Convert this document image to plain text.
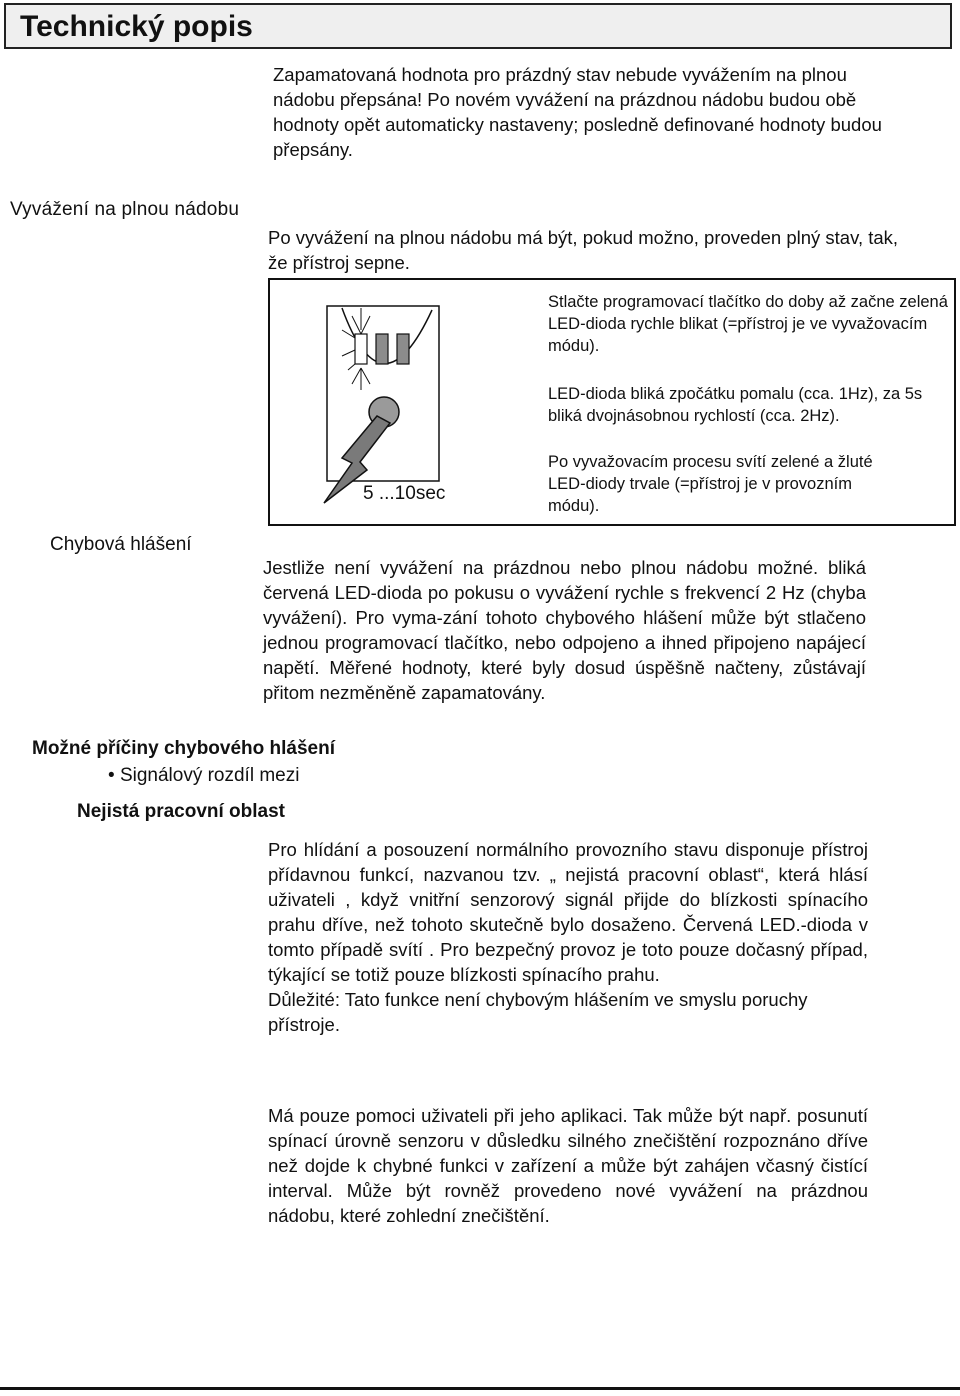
Technický popis
Zapamatovaná hodnota pro prázdný stav nebude vyvážením na plnou nádobu přepsána! Po novém vyvážení na prázdnou nádobu budou obě hodnoty opět automaticky nastaveny; posledně definované hodnoty budou přepsány.
Vyvážení na plnou nádobu
Po vyvážení na plnou nádobu má být, pokud možno, proveden plný stav, tak, že přístroj sepne.
5 ...10sec
Stlačte programovací tlačítko do doby až začne zelená LED-dioda rychle blikat (=přístroj je ve vyvažovacím módu).
LED-dioda bliká zpočátku pomalu (cca. 1Hz), za 5s bliká dvojnásobnou rychlostí (cca. 2Hz).
Po vyvažovacím procesu svítí zelené a žluté LED-diody trvale (=přístroj je v provozním módu).
Chybová hlášení
Jestliže není vyvážení na prázdnou nebo plnou nádobu možné. bliká červená LED-dioda po pokusu o vyvážení rychle s frekvencí 2 Hz (chyba vyvážení). Pro vyma-zání tohoto chybového hlášení může být stlačeno jednou programovací tlačítko, nebo odpojeno a ihned připojeno napájecí napětí. Měřené hodnoty, které byly dosud úspěšně načteny, zůstávají přitom nezměněně zapamatovány.
Možné příčiny chybového hlášení
• Signálový rozdíl mezi
Nejistá pracovní oblast
Pro hlídání a posouzení normálního provozního stavu disponuje přístroj přídavnou funkcí, nazvanou tzv. „ nejistá pracovní oblast“, která hlásí uživateli , když vnitřní senzorový signál přijde do blízkosti spínacího prahu dříve, než tohoto skutečně bylo dosaženo. Červená LED.-dioda v tomto případě svítí . Pro bezpečný provoz je toto pouze dočasný případ, týkající se totiž pouze blízkosti spínacího prahu.
Důležité: Tato funkce není chybovým hlášením ve smyslu poruchy přístroje.
Má pouze pomoci uživateli při jeho aplikaci. Tak může být např. posunutí spínací úrovně senzoru v důsledku silného znečištění rozpoznáno dříve než dojde k chybné funkci v zařízení a může být zahájen včasný čistící interval. Může být rovněž provedeno nové vyvážení na prázdnou nádobu, které zohlední znečištění.
